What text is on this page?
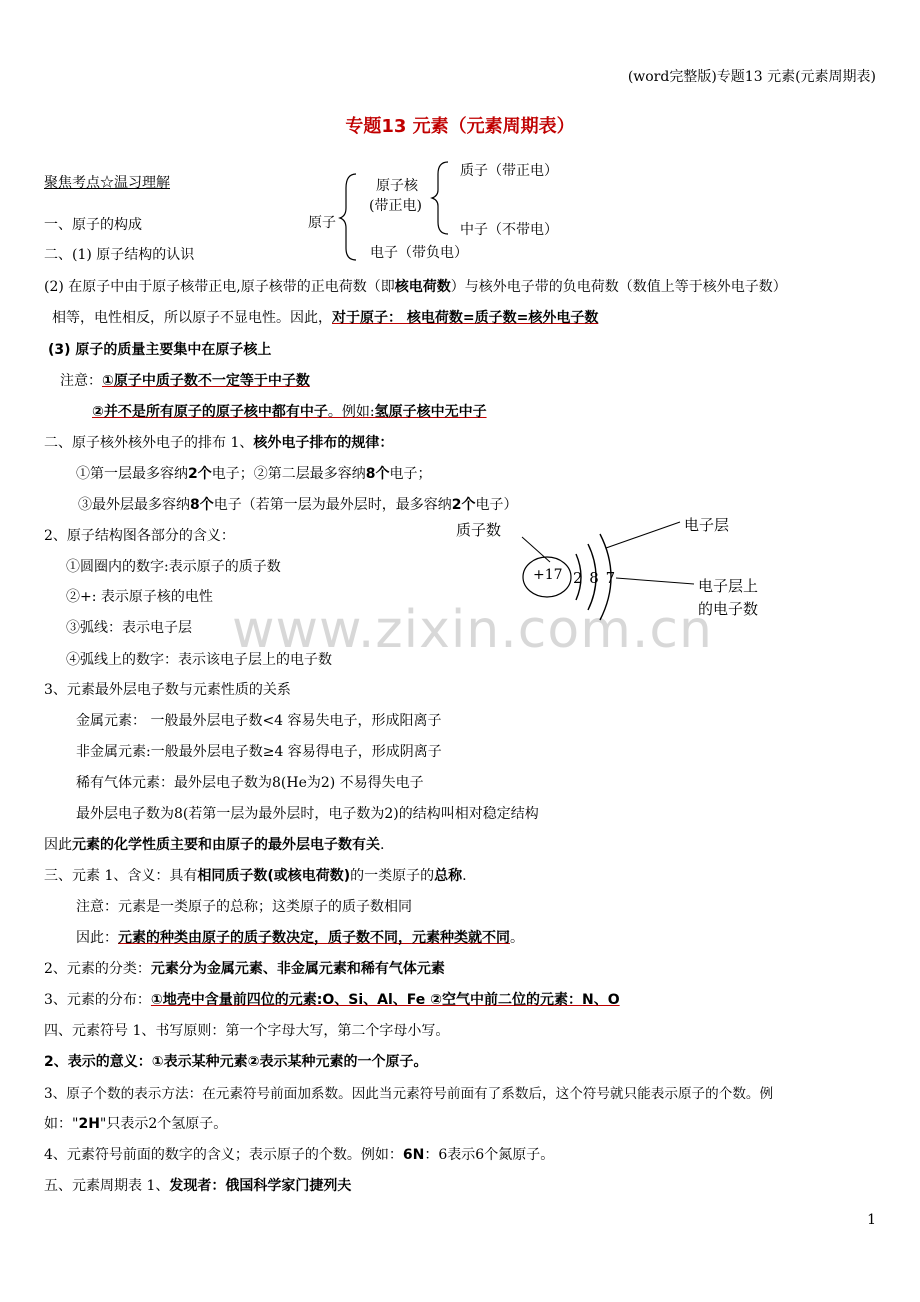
(word完整版)专题13 元素(元素周期表)
专题13 元素（元素周期表）
www.zixin.com.cn
原子
原子核
(带正电)
质子（带正电）
中子（不带电）
电子（带负电）
质子数	电子层
电子层上
的电子数
+17 2 8 7
聚焦考点☆温习理解
一、原子的构成
二、(1) 原子结构的认识
(2) 在原子中由于原子核带正电,原子核带的正电荷数（即核电荷数）与核外电子带的负电荷数（数值上等于核外电子数）
相等，电性相反，所以原子不显电性。因此，对于原子： 核电荷数=质子数=核外电子数
(3) 原子的质量主要集中在原子核上
注意：①原子中质子数不一定等于中子数
②并不是所有原子的原子核中都有中子。例如:氢原子核中无中子
二、原子核外核外电子的排布 1、核外电子排布的规律：
①第一层最多容纳2个电子；②第二层最多容纳8个电子；
③最外层最多容纳8个电子（若第一层为最外层时，最多容纳2个电子）
2、原子结构图各部分的含义：
①圆圈内的数字:表示原子的质子数
②+: 表示原子核的电性
③弧线：表示电子层
④弧线上的数字：表示该电子层上的电子数
3、元素最外层电子数与元素性质的关系
金属元素： 一般最外层电子数<4 容易失电子，形成阳离子
非金属元素:一般最外层电子数≥4 容易得电子，形成阴离子
稀有气体元素：最外层电子数为8(He为2) 不易得失电子
最外层电子数为8(若第一层为最外层时，电子数为2)的结构叫相对稳定结构
因此元素的化学性质主要和由原子的最外层电子数有关.
三、元素 1、含义：具有相同质子数(或核电荷数)的一类原子的总称.
注意：元素是一类原子的总称；这类原子的质子数相同
因此：元素的种类由原子的质子数决定，质子数不同，元素种类就不同。
2、元素的分类：元素分为金属元素、非金属元素和稀有气体元素
3、元素的分布：①地壳中含量前四位的元素:O、Si、Al、Fe ②空气中前二位的元素：N、O
四、元素符号 1、书写原则：第一个字母大写，第二个字母小写。
2、表示的意义：①表示某种元素②表示某种元素的一个原子。
3、原子个数的表示方法：在元素符号前面加系数。因此当元素符号前面有了系数后，这个符号就只能表示原子的个数。例
如："2H"只表示2个氢原子。
4、元素符号前面的数字的含义；表示原子的个数。例如：6N：6表示6个氮原子。
五、元素周期表 1、发现者：俄国科学家门捷列夫
1
